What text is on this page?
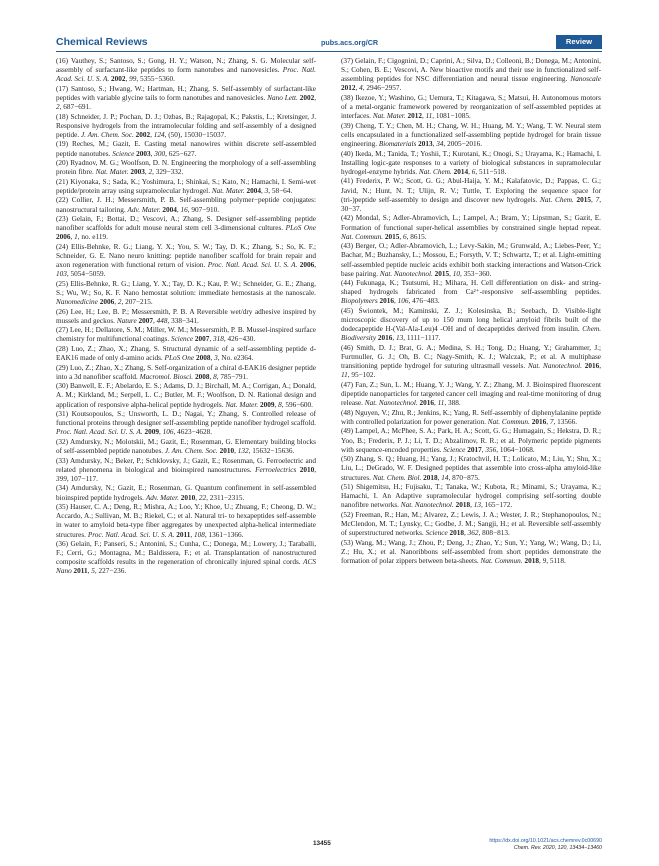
Chemical Reviews	pubs.acs.org/CR	Review

(16) Vauthey, S.; Santoso, S.; Gong, H. Y.; Watson, N.; Zhang, S. G. Molecular self-assembly of surfactant-like peptides to form nanotubes and nanovesicles. Proc. Natl. Acad. Sci. U. S. A. 2002, 99, 5355−5360.

(17) Santoso, S.; Hwang, W.; Hartman, H.; Zhang, S. Self-assembly of surfactant-like peptides with variable glycine tails to form nanotubes and nanovesicles. Nano Lett. 2002, 2, 687−691.

(18) Schneider, J. P.; Pochan, D. J.; Ozbas, B.; Rajagopal, K.; Pakstis, L.; Kretsinger, J. Responsive hydrogels from the intramolecular folding and self-assembly of a designed peptide. J. Am. Chem. Soc. 2002, 124, (50), 15030−15037.

(19) Reches, M.; Gazit, E. Casting metal nanowires within discrete self-assembled peptide nanotubes. Science 2003, 300, 625−627.

(20) Ryadnov, M. G.; Woolfson, D. N. Engineering the morphology of a self-assembling protein fibre. Nat. Mater. 2003, 2, 329−332.

(21) Kiyonaka, S.; Sada, K.; Yoshimura, I.; Shinkai, S.; Kato, N.; Hamachi, I. Semi-wet peptide/protein array using supramolecular hydrogel. Nat. Mater. 2004, 3, 58−64.

(22) Collier, J. H.; Messersmith, P. B. Self-assembling polymer−peptide conjugates: nanostructural tailoring. Adv. Mater. 2004, 16, 907−910.

(23) Gelain, F.; Bottai, D.; Vescovi, A.; Zhang, S. Designer self-assembling peptide nanofiber scaffolds for adult mouse neural stem cell 3-dimensional cultures. PLoS One 2006, 1, no. e119.

(24) Ellis-Behnke, R. G.; Liang, Y. X.; You, S. W.; Tay, D. K.; Zhang, S.; So, K. F.; Schneider, G. E. Nano neuro knitting: peptide nanofiber scaffold for brain repair and axon regeneration with functional return of vision. Proc. Natl. Acad. Sci. U. S. A. 2006, 103, 5054−5059.

(25) Ellis-Behnke, R. G.; Liang, Y. X.; Tay, D. K.; Kau, P. W.; Schneider, G. E.; Zhang, S.; Wu, W.; So, K. F. Nano hemostat solution: immediate hemostasis at the nanoscale. Nanomedicine 2006, 2, 207−215.

(26) Lee, H.; Lee, B. P.; Messersmith, P. B. A Reversible wet/dry adhesive inspired by mussels and geckos. Nature 2007, 448, 338−341.

(27) Lee, H.; Dellatore, S. M.; Miller, W. M.; Messersmith, P. B. Mussel-inspired surface chemistry for multifunctional coatings. Science 2007, 318, 426−430.

(28) Luo, Z.; Zhao, X.; Zhang, S. Structural dynamic of a self-assembling peptide d-EAK16 made of only d-amino acids. PLoS One 2008, 3, No. e2364.

(29) Luo, Z.; Zhao, X.; Zhang, S. Self-organization of a chiral d-EAK16 designer peptide into a 3d nanofiber scaffold. Macromol. Biosci. 2008, 8, 785−791.

(30) Banwell, E. F.; Abelardo, E. S.; Adams, D. J.; Birchall, M. A.; Corrigan, A.; Donald, A. M.; Kirkland, M.; Serpell, L. C.; Butler, M. F.; Woolfson, D. N. Rational design and application of responsive alpha-helical peptide hydrogels. Nat. Mater. 2009, 8, 596−600.

(31) Koutsopoulos, S.; Unsworth, L. D.; Nagai, Y.; Zhang, S. Controlled release of functional proteins through designer self-assembling peptide nanofiber hydrogel scaffold. Proc. Natl. Acad. Sci. U. S. A. 2009, 106, 4623−4628.

(32) Amdursky, N.; Molotskii, M.; Gazit, E.; Rosenman, G. Elementary building blocks of self-assembled peptide nanotubes. J. Am. Chem. Soc. 2010, 132, 15632−15636.

(33) Amdursky, N.; Beker, P.; Schklovsky, J.; Gazit, E.; Rosenman, G. Ferroelectric and related phenomena in biological and bioinspired nanostructures. Ferroelectrics 2010, 399, 107−117.

(34) Amdursky, N.; Gazit, E.; Rosenman, G. Quantum confinement in self-assembled bioinspired peptide hydrogels. Adv. Mater. 2010, 22, 2311−2315.

(35) Hauser, C. A.; Deng, R.; Mishra, A.; Loo, Y.; Khoe, U.; Zhuang, F.; Cheong, D. W.; Accardo, A.; Sullivan, M. B.; Riekel, C.; et al. Natural tri- to hexapeptides self-assemble in water to amyloid beta-type fiber aggregates by unexpected alpha-helical intermediate structures. Proc. Natl. Acad. Sci. U. S. A. 2011, 108, 1361−1366.

(36) Gelain, F.; Panseri, S.; Antonini, S.; Cunha, C.; Donega, M.; Lowery, J.; Taraballi, F.; Cerri, G.; Montagna, M.; Baldissera, F.; et al. Transplantation of nanostructured composite scaffolds results in the regeneration of chronically injured spinal cords. ACS Nano 2011, 5, 227−236.

(37) Gelain, F.; Cigognini, D.; Caprini, A.; Silva, D.; Colleoni, B.; Donega, M.; Antonini, S.; Cohen, B. E.; Vescovi, A. New bioactive motifs and their use in functionalized self-assembling peptides for NSC differentiation and neural tissue engineering. Nanoscale 2012, 4, 2946−2957.

(38) Ikezoe, Y.; Washino, G.; Uemura, T.; Kitagawa, S.; Matsui, H. Autonomous motors of a metal-organic framework powered by reorganization of self-assembled peptides at interfaces. Nat. Mater. 2012, 11, 1081−1085.

(39) Cheng, T. Y.; Chen, M. H.; Chang, W. H.; Huang, M. Y.; Wang, T. W. Neural stem cells encapsulated in a functionalized self-assembling peptide hydrogel for brain tissue engineering. Biomaterials 2013, 34, 2005−2016.

(40) Ikeda, M.; Tanida, T.; Yoshii, T.; Kurotani, K.; Onogi, S.; Urayama, K.; Hamachi, I. Installing logic-gate responses to a variety of biological substances in supramolecular hydrogel-enzyme hybrids. Nat. Chem. 2014, 6, 511−518.

(41) Frederix, P. W.; Scott, G. G.; Abul-Haija, Y. M.; Kalafatovic, D.; Pappas, C. G.; Javid, N.; Hunt, N. T.; Ulijn, R. V.; Tuttle, T. Exploring the sequence space for (tri-)peptide self-assembly to design and discover new hydrogels. Nat. Chem. 2015, 7, 30−37.

(42) Mondal, S.; Adler-Abramovich, L.; Lampel, A.; Bram, Y.; Lipstman, S.; Gazit, E. Formation of functional super-helical assemblies by constrained single heptad repeat. Nat. Commun. 2015, 6, 8615.

(43) Berger, O.; Adler-Abramovich, L.; Levy-Sakin, M.; Grunwald, A.; Liebes-Peer, Y.; Bachar, M.; Buzhansky, L.; Mossou, E.; Forsyth, V. T.; Schwartz, T.; et al. Light-emitting self-assembled peptide nucleic acids exhibit both stacking interactions and Watson-Crick base pairing. Nat. Nanotechnol. 2015, 10, 353−360.

(44) Fukunaga, K.; Tsutsumi, H.; Mihara, H. Cell differentiation on disk- and string-shaped hydrogels fabricated from Ca²⁺-responsive self-assembling peptides. Biopolymers 2016, 106, 476−483.

(45) Świontek, M.; Kaminski, Z. J.; Kolesinska, B.; Seebach, D. Visible-light microscopic discovery of up to 150 mum long helical amyloid fibrils built of the dodecapeptide H-(Val-Ala-Leu)4 -OH and of decapeptides derived from insulin. Chem. Biodiversity 2016, 13, 1111−1117.

(46) Smith, D. J.; Brat, G. A.; Medina, S. H.; Tong, D.; Huang, Y.; Grahammer, J.; Furtmuller, G. J.; Oh, B. C.; Nagy-Smith, K. J.; Walczak, P.; et al. A multiphase transitioning peptide hydrogel for suturing ultrasmall vessels. Nat. Nanotechnol. 2016, 11, 95−102.

(47) Fan, Z.; Sun, L. M.; Huang, Y. J.; Wang, Y. Z.; Zhang, M. J. Bioinspired fluorescent dipeptide nanoparticles for targeted cancer cell imaging and real-time monitoring of drug release. Nat. Nanotechnol. 2016, 11, 388.

(48) Nguyen, V.; Zhu, R.; Jenkins, K.; Yang, R. Self-assembly of diphenylalanine peptide with controlled polarization for power generation. Nat. Commun. 2016, 7, 13566.

(49) Lampel, A.; McPhee, S. A.; Park, H. A.; Scott, G. G.; Humagain, S.; Hekstra, D. R.; Yoo, B.; Frederix, P. J.; Li, T. D.; Abzalimov, R. R.; et al. Polymeric peptide pigments with sequence-encoded properties. Science 2017, 356, 1064−1068.

(50) Zhang, S. Q.; Huang, H.; Yang, J.; Kratochvil, H. T.; Lolicato, M.; Liu, Y.; Shu, X.; Liu, L.; DeGrado, W. F. Designed peptides that assemble into cross-alpha amyloid-like structures. Nat. Chem. Biol. 2018, 14, 870−875.

(51) Shigemitsu, H.; Fujisaku, T.; Tanaka, W.; Kubota, R.; Minami, S.; Urayama, K.; Hamachi, I. An Adaptive supramolecular hydrogel comprising self-sorting double nanofibre networks. Nat. Nanotechnol. 2018, 13, 165−172.

(52) Freeman, R.; Han, M.; Alvarez, Z.; Lewis, J. A.; Wester, J. R.; Stephanopoulos, N.; McClendon, M. T.; Lynsky, C.; Godbe, J. M.; Sangji, H.; et al. Reversible self-assembly of superstructured networks. Science 2018, 362, 808−813.

(53) Wang, M.; Wang, J.; Zhou, P.; Deng, J.; Zhao, Y.; Sun, Y.; Yang, W.; Wang, D.; Li, Z.; Hu, X.; et al. Nanoribbons self-assembled from short peptides demonstrate the formation of polar zippers between beta-sheets. Nat. Commun. 2018, 9, 5118.

13455	https://dx.doi.org/10.1021/acs.chemrev.0c00690
Chem. Rev. 2020, 120, 13434−13460
